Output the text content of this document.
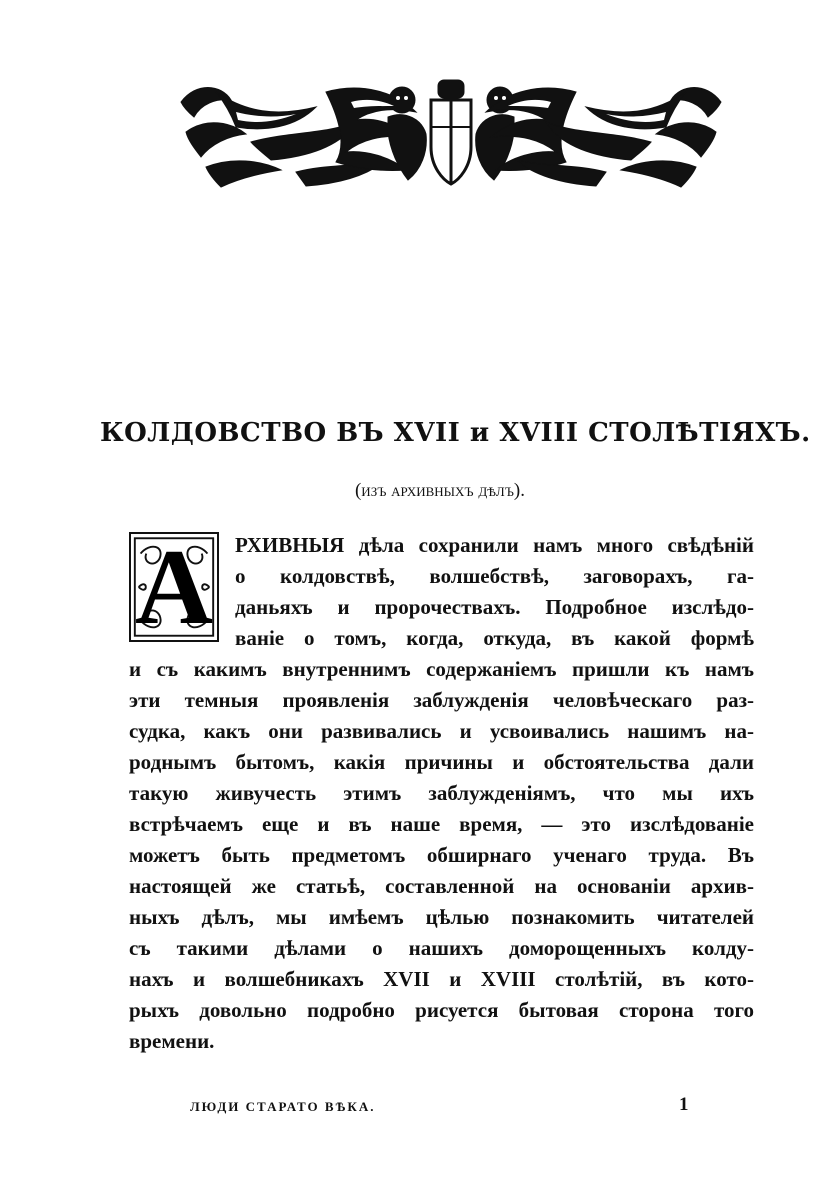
КОЛДОВСТВО ВЪ XVII и XVIII СТОЛѢТІЯХЪ.
(изъ архивныхъ дѣлъ).
А	РХИВНЫЯ дѣла сохранили намъ много свѣдѣній
о колдовствѣ, волшебствѣ, заговорахъ, га-
даньяхъ и пророчествахъ. Подробное изслѣдо-
ваніе о томъ, когда, откуда, въ какой формѣ
и съ какимъ внутреннимъ содержаніемъ пришли къ намъ
эти темныя проявленія заблужденія человѣческаго раз-
судка, какъ они развивались и усвоивались нашимъ на-
роднымъ бытомъ, какія причины и обстоятельства дали
такую живучесть этимъ заблужденіямъ, что мы ихъ
встрѣчаемъ еще и въ наше время, — это изслѣдованіе
можетъ быть предметомъ обширнаго ученаго труда. Въ
настоящей же статьѣ, составленной на основаніи архив-
ныхъ дѣлъ, мы имѣемъ цѣлью познакомить читателей
съ такими дѣлами о нашихъ доморощенныхъ колду-
нахъ и волшебникахъ XVII и XVIII столѣтій, въ кото-
рыхъ довольно подробно рисуется бытовая сторона того
времени.
ЛЮДИ СТАРАТО ВѢКА.	1
